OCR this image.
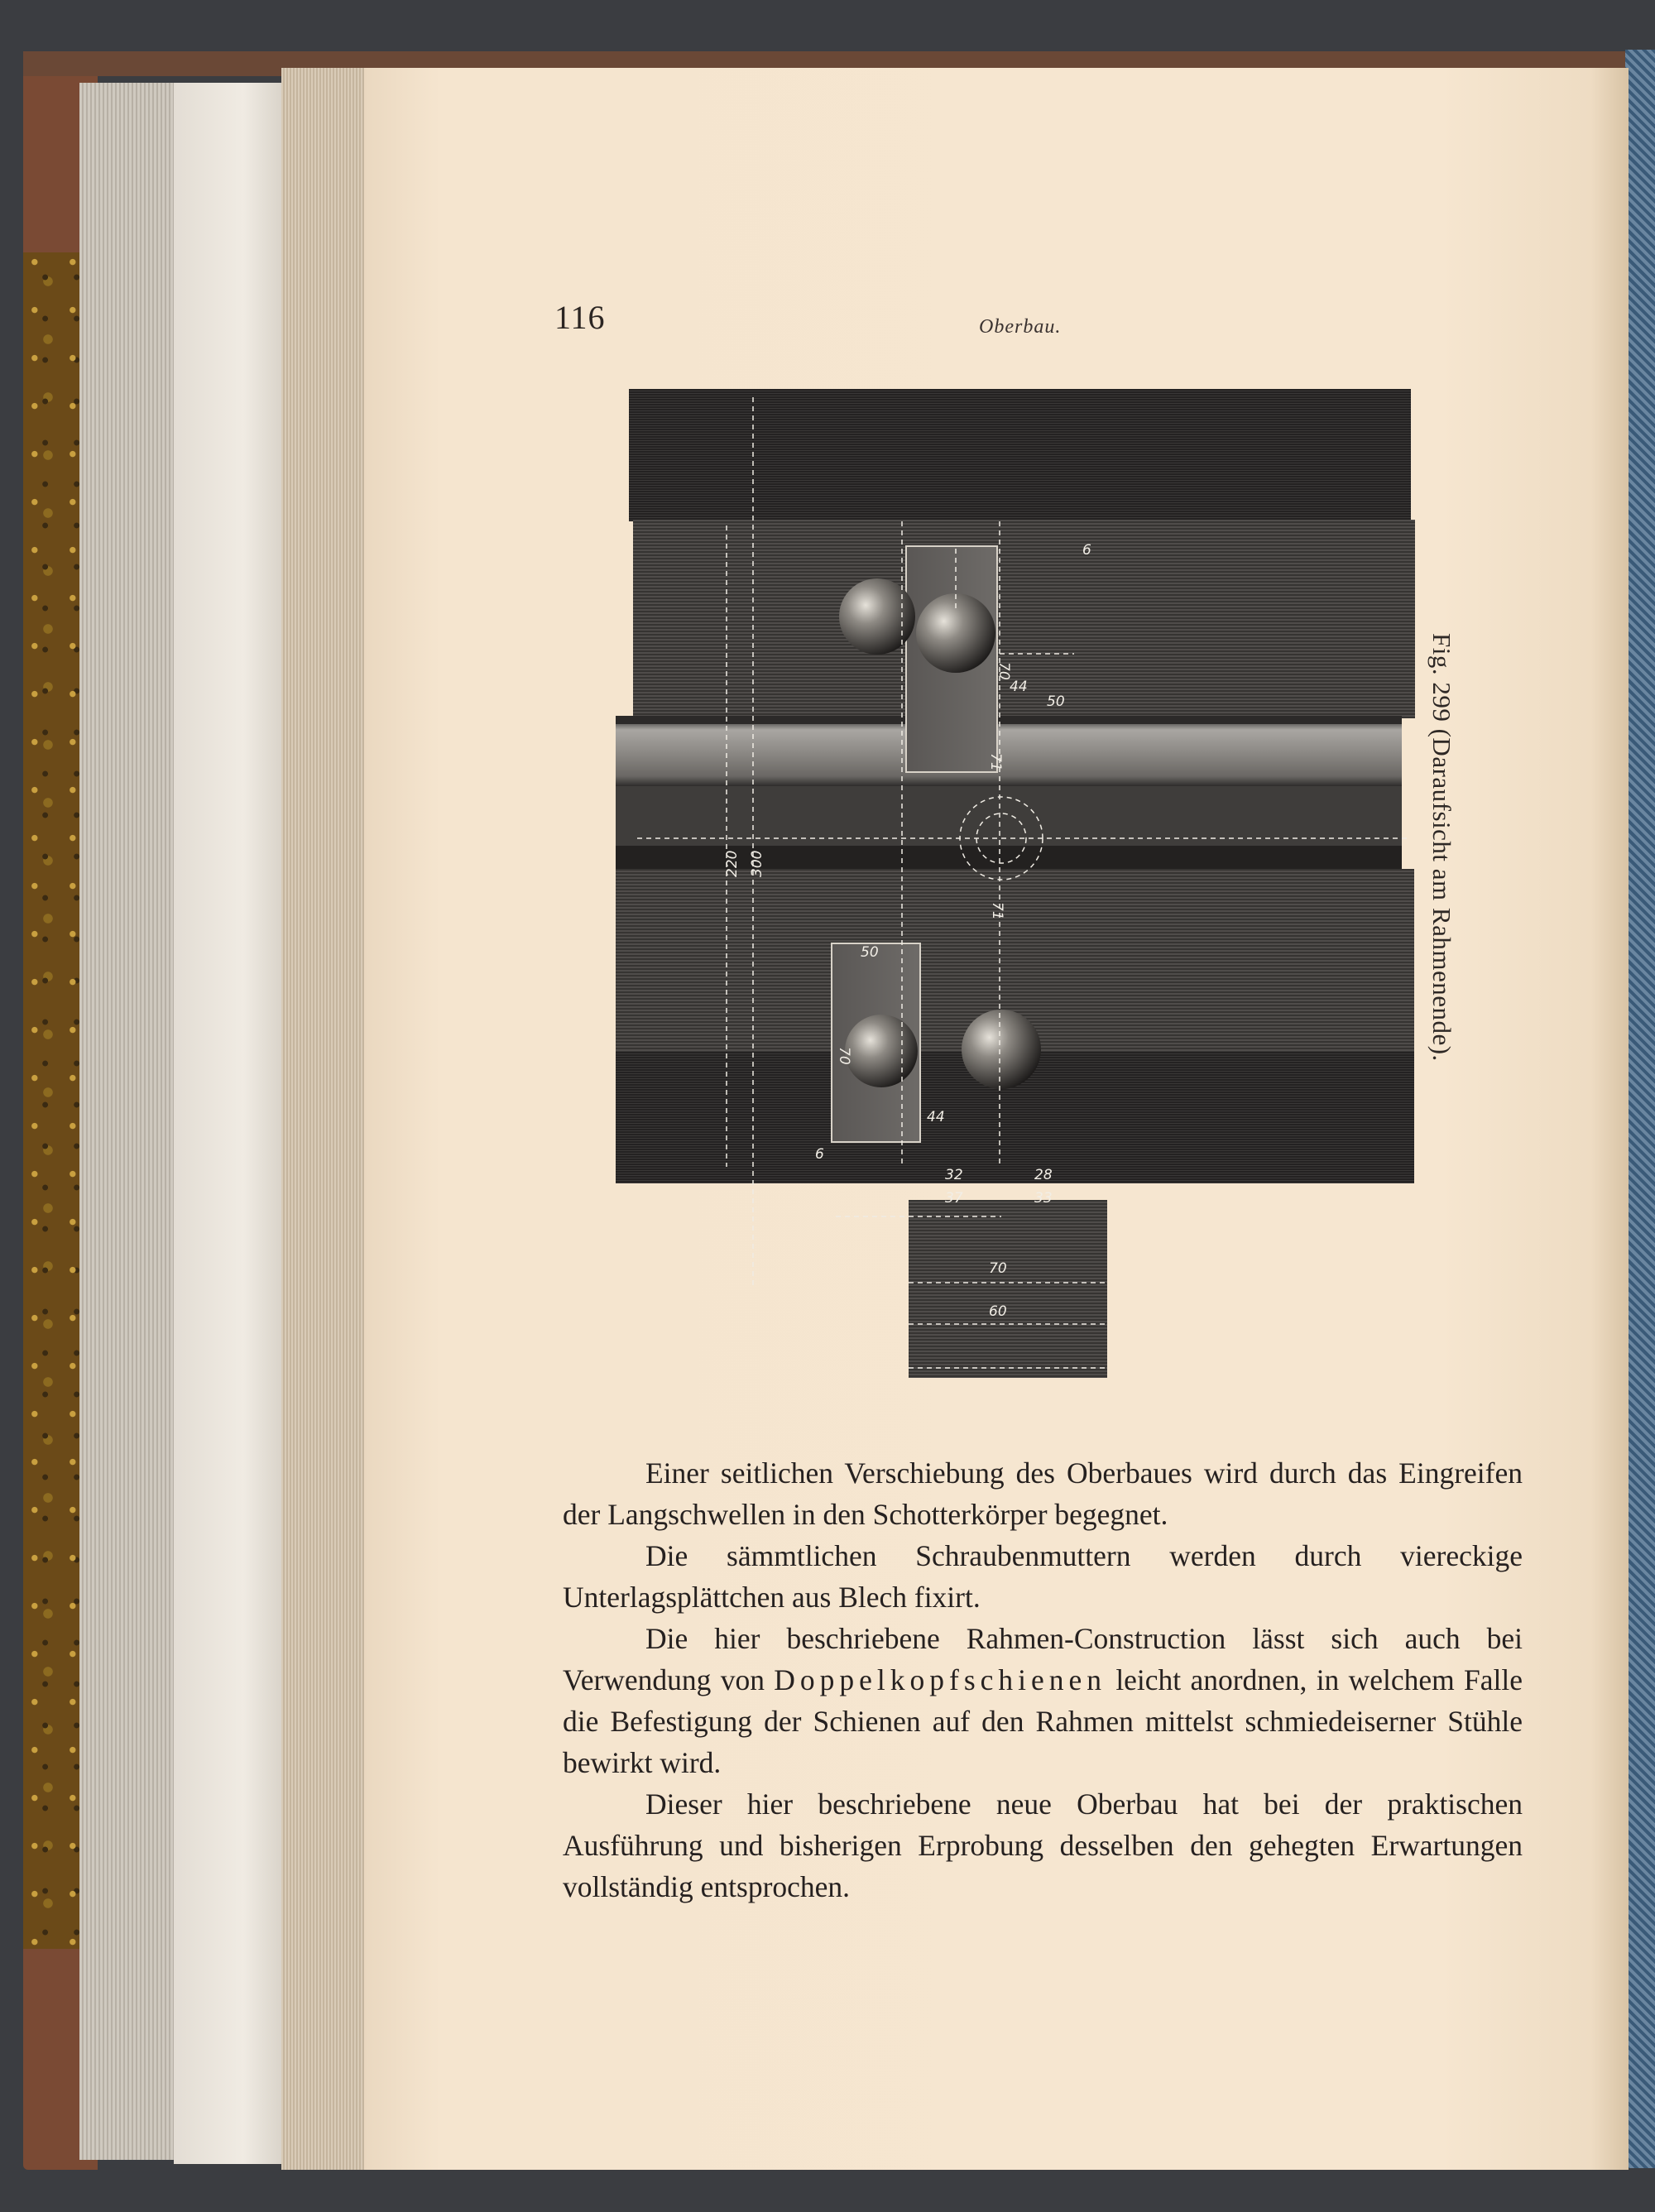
116	Oberbau.

300
220
70
44
50
71
71
50
70
44
6
6
32	28
37	33
70
60

Fig. 299 (Daraufsicht am Rahmenende).

Einer seitlichen Verschiebung des Oberbaues wird durch das Eingreifen der Langschwellen in den Schotterkörper begegnet.

Die sämmtlichen Schraubenmuttern werden durch viereckige Unterlagsplättchen aus Blech fixirt.

Die hier beschriebene Rahmen-Construction lässt sich auch bei Verwendung von Doppelkopfschienen leicht anordnen, in welchem Falle die Befestigung der Schienen auf den Rahmen mittelst schmiedeiserner Stühle bewirkt wird.

Dieser hier beschriebene neue Oberbau hat bei der praktischen Ausführung und bisherigen Erprobung desselben den gehegten Erwartungen vollständig entsprochen.
